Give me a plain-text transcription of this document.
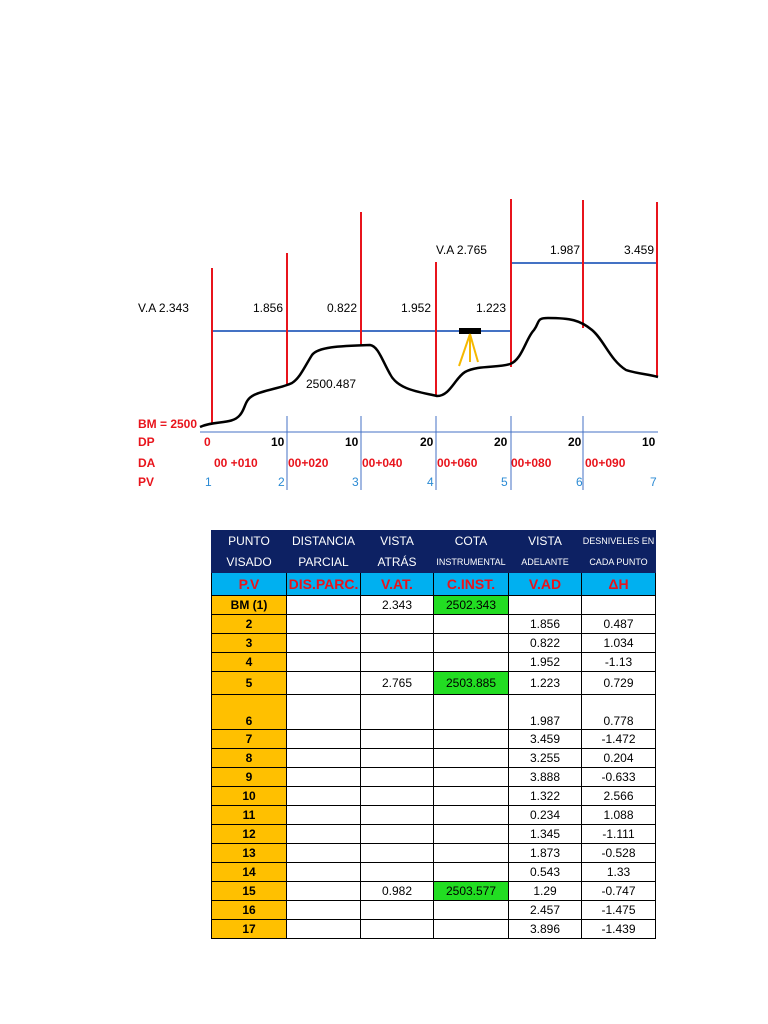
V.A 2.343
V.A 2.765
1.856	0.822	1.952	1.223
1.987	3.459
2500.487
BM = 2500
DP
DA
PV
0	10	10	20	20	20	10
00 +010	00+020	00+040	00+060	00+080	00+090
1	2	3	4	5	6	7
PUNTO	DISTANCIA	VISTA	COTA	VISTA	DESNIVELES EN
VISADO	PARCIAL	ATRÁS	INSTRUMENTAL	ADELANTE	CADA PUNTO
P.V	DIS.PARC.	V.AT.	C.INST.	V.AD	ΔH
BM (1)		2.343	2502.343		
2				1.856	0.487
3				0.822	1.034
4				1.952	-1.13
5		2.765	2503.885	1.223	0.729
6				1.987	0.778
7				3.459	-1.472
8				3.255	0.204
9				3.888	-0.633
10				1.322	2.566
11				0.234	1.088
12				1.345	-1.111
13				1.873	-0.528
14				0.543	1.33
15		0.982	2503.577	1.29	-0.747
16				2.457	-1.475
17				3.896	-1.439
